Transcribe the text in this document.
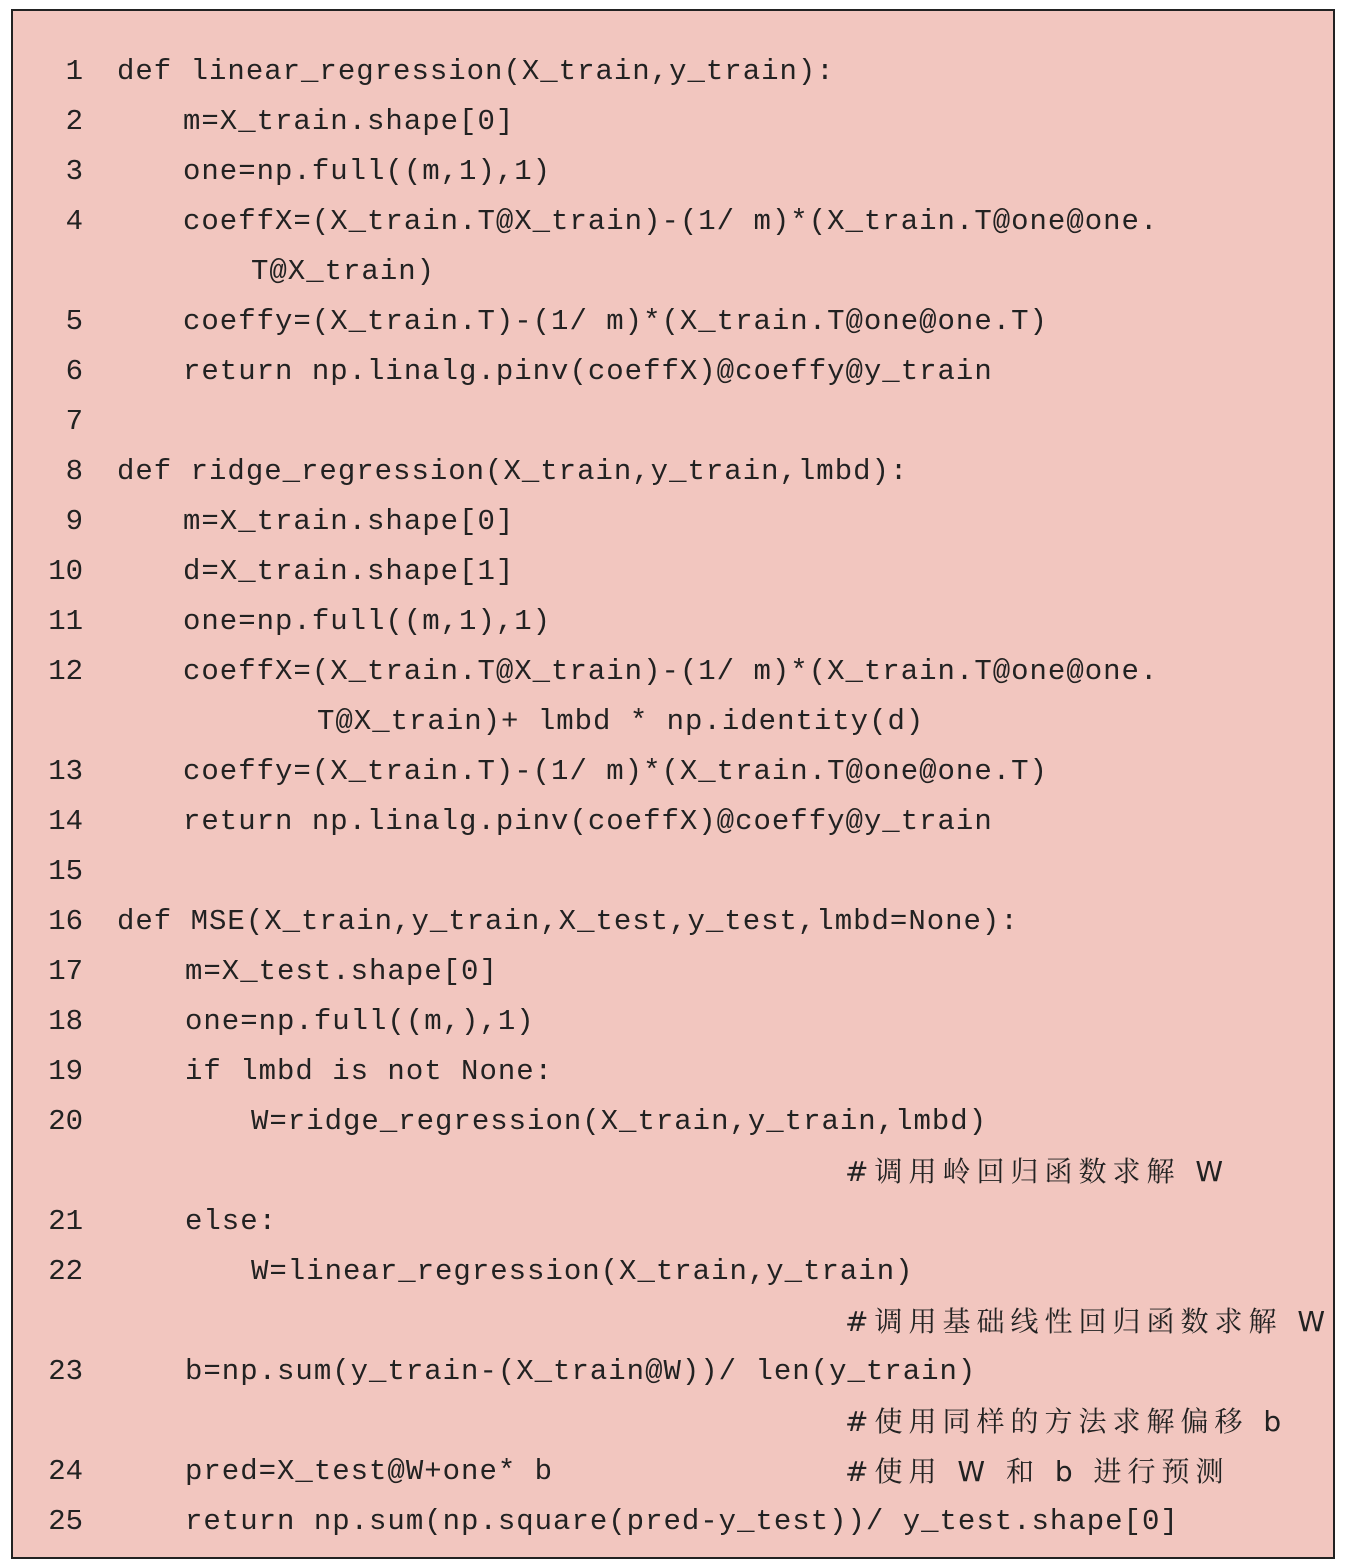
1 def linear_regression(X_train,y_train):
2	m=X_train.shape[0]
3	one=np.full((m,1),1)
4	coeffX=(X_train.T@X_train)-(1/ m)*(X_train.T@one@one.
T@X_train)
5	coeffy=(X_train.T)-(1/ m)*(X_train.T@one@one.T)
6	return np.linalg.pinv(coeffX)@coeffy@y_train
7
8 def ridge_regression(X_train,y_train,lmbd):
9	m=X_train.shape[0]
10	d=X_train.shape[1]
11	one=np.full((m,1),1)
12	coeffX=(X_train.T@X_train)-(1/ m)*(X_train.T@one@one.
T@X_train)+ lmbd * np.identity(d)
13	coeffy=(X_train.T)-(1/ m)*(X_train.T@one@one.T)
14	return np.linalg.pinv(coeffX)@coeffy@y_train
15
16 def MSE(X_train,y_train,X_test,y_test,lmbd=None):
17	m=X_test.shape[0]
18	one=np.full((m,),1)
19	if lmbd is not None:
20	W=ridge_regression(X_train,y_train,lmbd)
#调用岭回归函数求解 W
21	else:
22	W=linear_regression(X_train,y_train)
#调用基础线性回归函数求解 W
23	b=np.sum(y_train-(X_train@W))/ len(y_train)
#使用同样的方法求解偏移 b
24	pred=X_test@W+one* b	#使用 W 和 b 进行预测
25	return np.sum(np.square(pred-y_test))/ y_test.shape[0]
